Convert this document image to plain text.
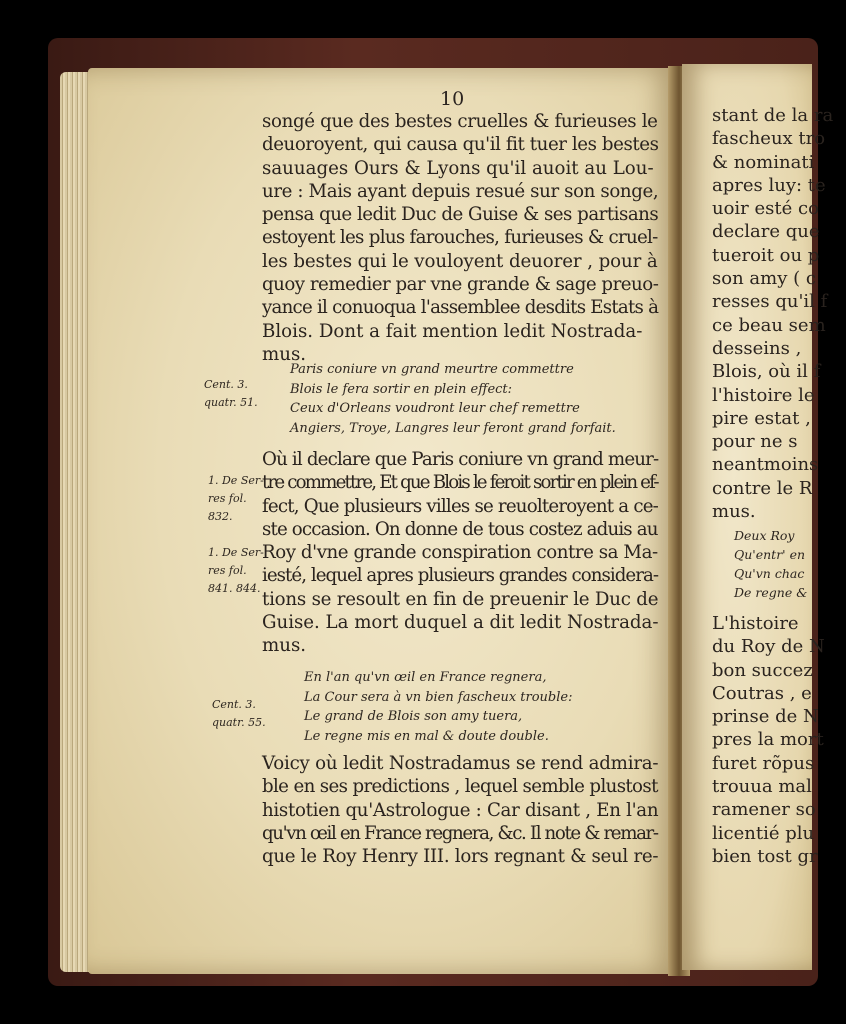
stant de la ra
fascheux tro
& nominati
apres luy: te
uoir esté co
declare que
tueroit ou p
son amy ( c
resses qu'il f
ce beau sem
desseins ,
Blois, où il f
l'histoire le
pire estat ,
pour ne s
neantmoins
contre le R
mus.
Deux Roy
Qu'entr' en
Qu'vn chac
De regne &
L'histoire
du Roy de N
bon succez
Coutras , e
prinse de N
pres la mort
furet rõpus
trouua mal
ramener so
licentié plu
bien tost gr
10
songé que des bestes cruelles & furieuses le
deuoroyent, qui causa qu'il fit tuer les bestes
sauuages Ours & Lyons qu'il auoit au Lou-
ure : Mais ayant depuis resué sur son songe,
pensa que ledit Duc de Guise & ses partisans
estoyent les plus farouches, furieuses & cruel-
les bestes qui le vouloyent deuorer , pour à
quoy remedier par vne grande & sage preuo-
yance il conuoqua l'assemblee desdits Estats à
Blois. Dont a fait mention ledit Nostrada-
mus.
Paris coniure vn grand meurtre commettre
Blois le fera sortir en plein effect:
Ceux d'Orleans voudront leur chef remettre
Angiers, Troye, Langres leur feront grand forfait.
Cent. 3.
quatr. 51.
Où il declare que Paris coniure vn grand meur-
tre commettre, Et que Blois le feroit sortir en plein ef-
fect, Que plusieurs villes se reuolteroyent a ce-
ste occasion. On donne de tous costez aduis au
Roy d'vne grande conspiration contre sa Ma-
iesté, lequel apres plusieurs grandes considera-
tions se resoult en fin de preuenir le Duc de
Guise. La mort duquel a dit ledit Nostrada-
mus.
1. De Ser-
res fol.
832.
1. De Ser-
res fol.
841. 844.
En l'an qu'vn œil en France regnera,
La Cour sera à vn bien fascheux trouble:
Le grand de Blois son amy tuera,
Le regne mis en mal & doute double.
Cent. 3.
quatr. 55.
Voicy où ledit Nostradamus se rend admira-
ble en ses predictions , lequel semble plustost
histotien qu'Astrologue : Car disant , En l'an
qu'vn œil en France regnera, &c. Il note & remar-
que le Roy Henry III. lors regnant & seul re-
